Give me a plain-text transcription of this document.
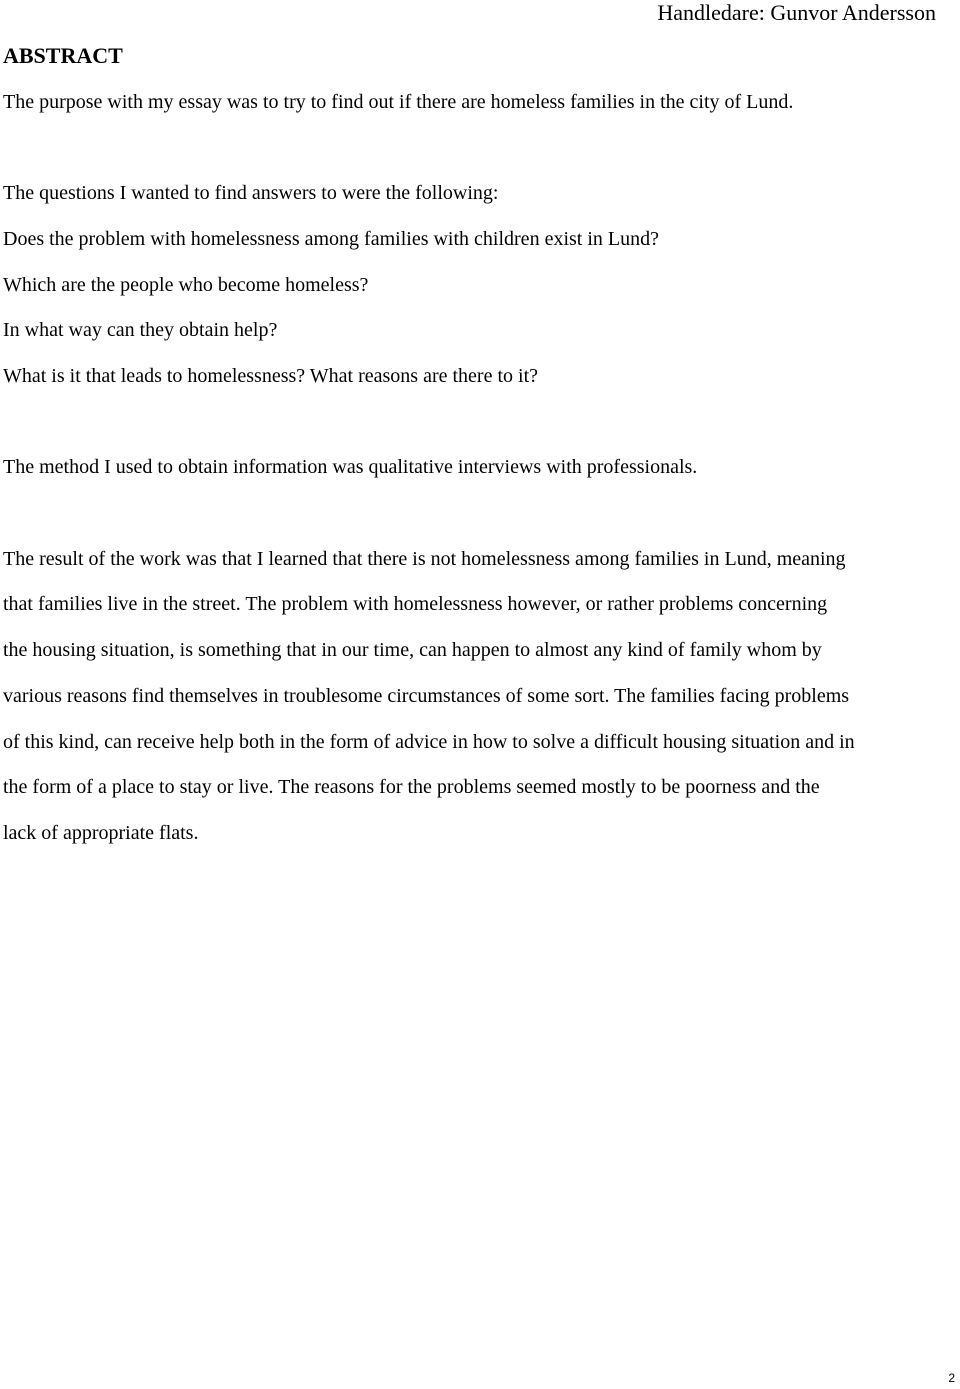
Handledare: Gunvor Andersson
ABSTRACT
The purpose with my essay was to try to find out if there are homeless families in the city of Lund.
The questions I wanted to find answers to were the following:
Does the problem with homelessness among families with children exist in Lund?
Which are the people who become homeless?
In what way can they obtain help?
What is it that leads to homelessness? What reasons are there to it?
The method I used to obtain information was qualitative interviews with professionals.
The result of the work was that I learned that there is not homelessness among families in Lund, meaning
that families live in the street. The problem with homelessness however, or rather problems concerning
the housing situation, is something that in our time, can happen to almost any kind of family whom by
various reasons find themselves in troublesome circumstances of some sort. The families facing problems
of this kind, can receive help both in the form of advice in how to solve a difficult housing situation and in
the form of a place to stay or live. The reasons for the problems seemed mostly to be poorness and the
lack of appropriate flats.
2
